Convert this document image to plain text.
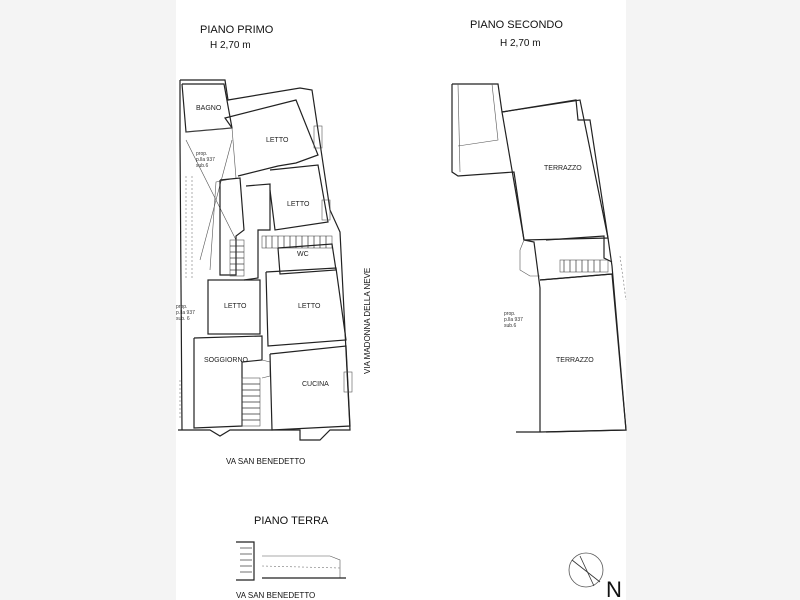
PIANO PRIMO
H 2,70 m
PIANO SECONDO
H 2,70 m
BAGNO
LETTO
LETTO
WC
LETTO	LETTO
SOGGIORNO
CUCINA
prop.
p.lla 937
sub.6
prop.
p.lla 937
sub. 6	VIA MADONNA DELLA NEVE
VA SAN BENEDETTO
TERRAZZO
TERRAZZO
prop.
p.lla 937
sub.6
PIANO TERRA
VA SAN BENEDETTO	N
